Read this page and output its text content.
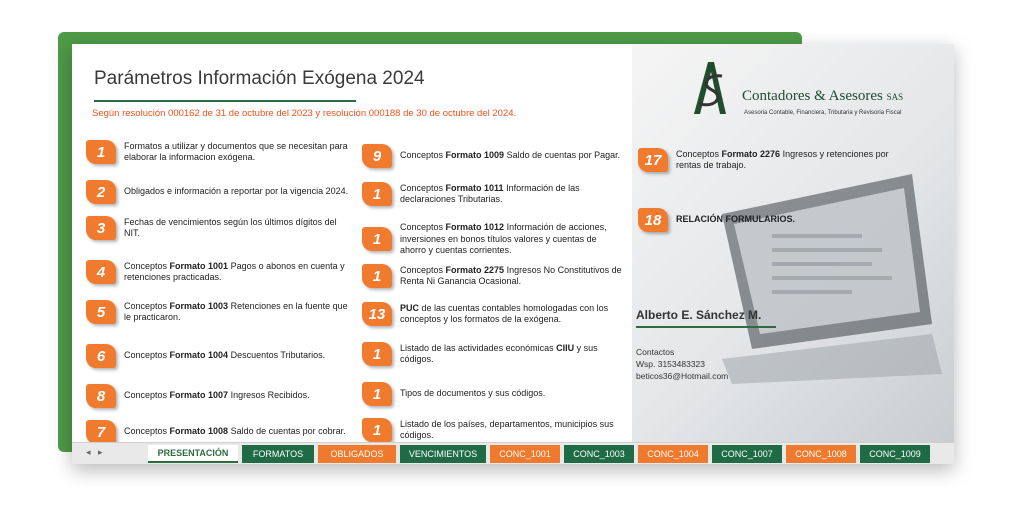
Contadores & Asesores SAS
Asesoria Contable, Financiera, Tributaria y Revisoria Fiscal
Parámetros Información Exógena 2024
Según resolución 000162 de 31 de octubre del 2023 y resolución 000188 de 30 de octubre del 2024.
1	Formatos a utilizar y documentos que se necesitan para elaborar la informacion exógena.
2	Obligados e información a reportar por la vigencia 2024.
3	Fechas de vencimientos según los últimos dígitos del NIT.
4	Conceptos Formato 1001 Pagos o abonos en cuenta y retenciones practicadas.
5	Conceptos Formato 1003 Retenciones en la fuente que le practicaron.
6	Conceptos Formato 1004 Descuentos Tributarios.
8	Conceptos Formato 1007 Ingresos Recibidos.
7	Conceptos Formato 1008 Saldo de cuentas por cobrar.
9	Conceptos Formato 1009 Saldo de cuentas por Pagar.
1	Conceptos Formato 1011 Información de las declaraciones Tributarias.
1
Conceptos Formato 1012 Información de acciones, inversiones en bonos títulos valores y cuentas de ahorro y cuentas corrientes.
1	Conceptos Formato 2275 Ingresos No Constitutivos de Renta Ni Ganancia Ocasional.
13	PUC de las cuentas contables homologadas con los conceptos y los formatos de la exógena.
1	Listado de las actividades económicas CIIU y sus códigos.
1	Tipos de documentos y sus códigos.
1	Listado de los países, departamentos, municipios sus códigos.
17	Conceptos Formato 2276 Ingresos y retenciones por rentas de trabajo.
18	RELACIÓN FORMULARIOS.
Alberto E. Sánchez M.
Contactos
Wsp. 3153483323
beticos36@Hotmail.com
◂ ▸	PRESENTACIÓN	FORMATOS	OBLIGADOS	VENCIMIENTOS	CONC_1001	CONC_1003	CONC_1004	CONC_1007	CONC_1008	CONC_1009
